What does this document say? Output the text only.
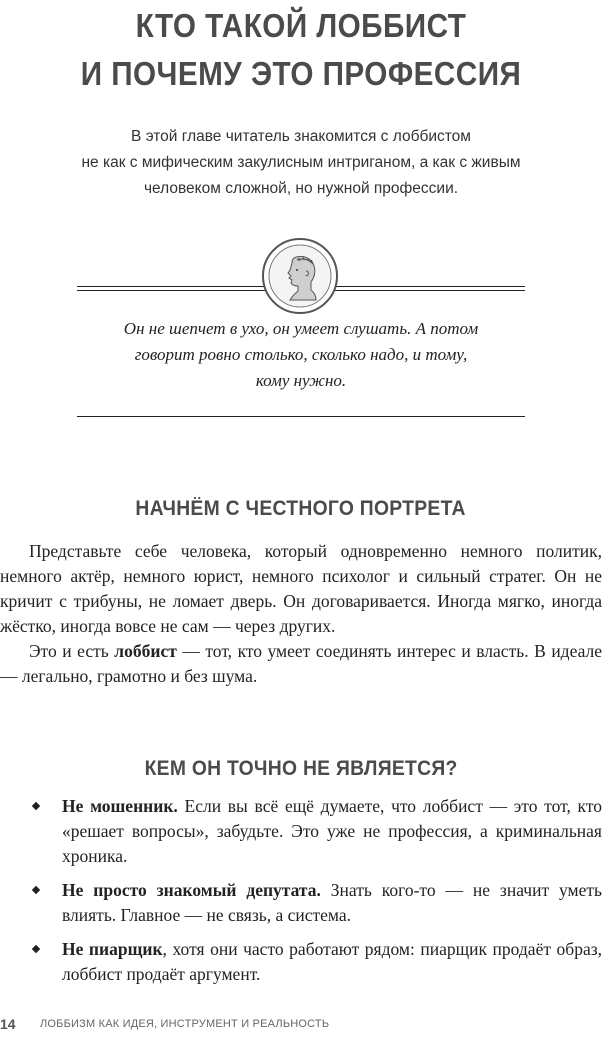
КТО ТАКОЙ ЛОББИСТ
И ПОЧЕМУ ЭТО ПРОФЕССИЯ
В этой главе читатель знакомится с лоббистом
не как с мифическим закулисным интриганом, а как с живым
человеком сложной, но нужной профессии.
Он не шепчет в ухо, он умеет слушать. А потом
говорит ровно столько, сколько надо, и тому,
кому нужно.
НАЧНЁМ С ЧЕСТНОГО ПОРТРЕТА

Представьте себе человека, который одновременно немного политик, немного актёр, немного юрист, немного психолог и сильный стратег. Он не кричит с трибуны, не ломает дверь. Он договаривается. Иногда мягко, иногда жёстко, иногда вовсе не сам — через других.

Это и есть лоббист — тот, кто умеет соединять интерес и власть. В идеале — легально, грамотно и без шума.

КЕМ ОН ТОЧНО НЕ ЯВЛЯЕТСЯ?
Не мошенник. Если вы всё ещё думаете, что лоббист — это тот, кто «решает вопросы», забудьте. Это уже не профессия, а криминальная хроника.
Не просто знакомый депутата. Знать кого-то — не значит уметь влиять. Главное — не связь, а система.
Не пиарщик, хотя они часто работают рядом: пиарщик продаёт образ, лоббист продаёт аргумент.
14 ЛОББИЗМ КАК ИДЕЯ, ИНСТРУМЕНТ И РЕАЛЬНОСТЬ
